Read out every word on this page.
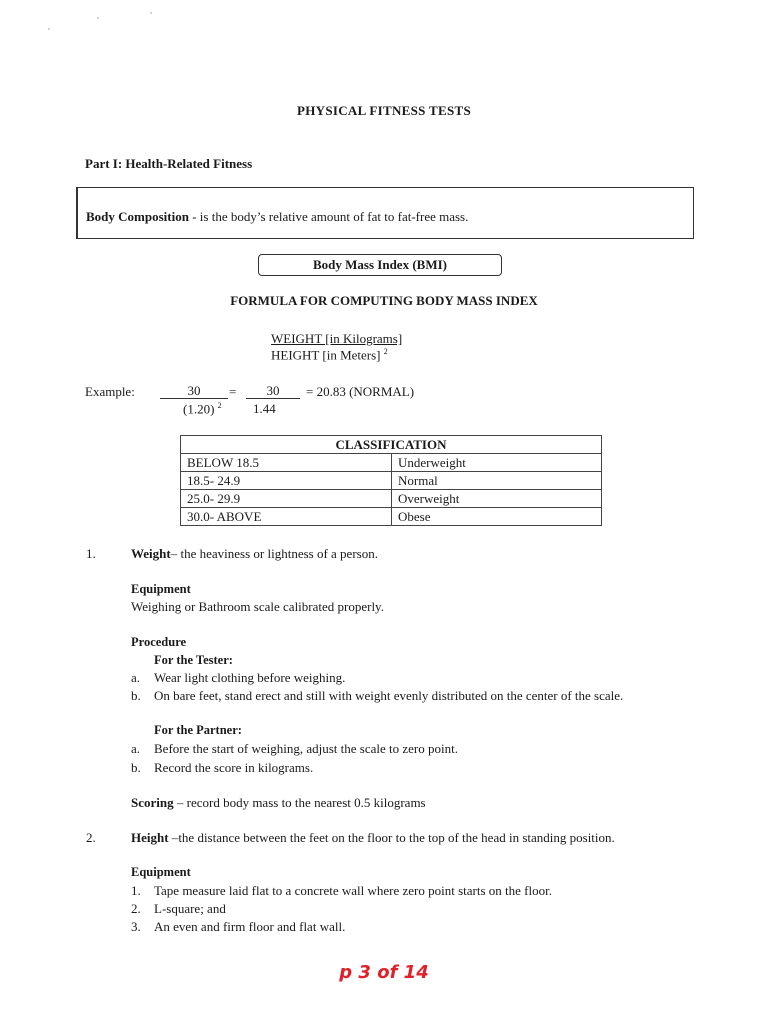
PHYSICAL FITNESS TESTS
Part I: Health-Related Fitness
Body Composition - is the body’s relative amount of fat to fat-free mass.
Body Mass Index (BMI)
FORMULA FOR COMPUTING BODY MASS INDEX
WEIGHT [in Kilograms]
HEIGHT [in Meters] $^2$
Example:	30	=	30	= 20.83 (NORMAL)
(1.20) $^2$ 1.44
CLASSIFICATION	
BELOW 18.5	Underweight
18.5- 24.9	Normal
25.0- 29.9	Overweight
30.0- ABOVE	Obese
1.	Weight– the heaviness or lightness of a person.
Equipment
Weighing or Bathroom scale calibrated properly.
Procedure
For the Tester:
a. Wear light clothing before weighing.
b. On bare feet, stand erect and still with weight evenly distributed on the center of the scale.
For the Partner:
a. Before the start of weighing, adjust the scale to zero point.
b. Record the score in kilograms.
Scoring – record body mass to the nearest 0.5 kilograms
2.	Height –the distance between the feet on the floor to the top of the head in standing position.
Equipment
1. Tape measure laid flat to a concrete wall where zero point starts on the floor.
2. L-square; and
3. An even and firm floor and flat wall.
p 3 of 14
